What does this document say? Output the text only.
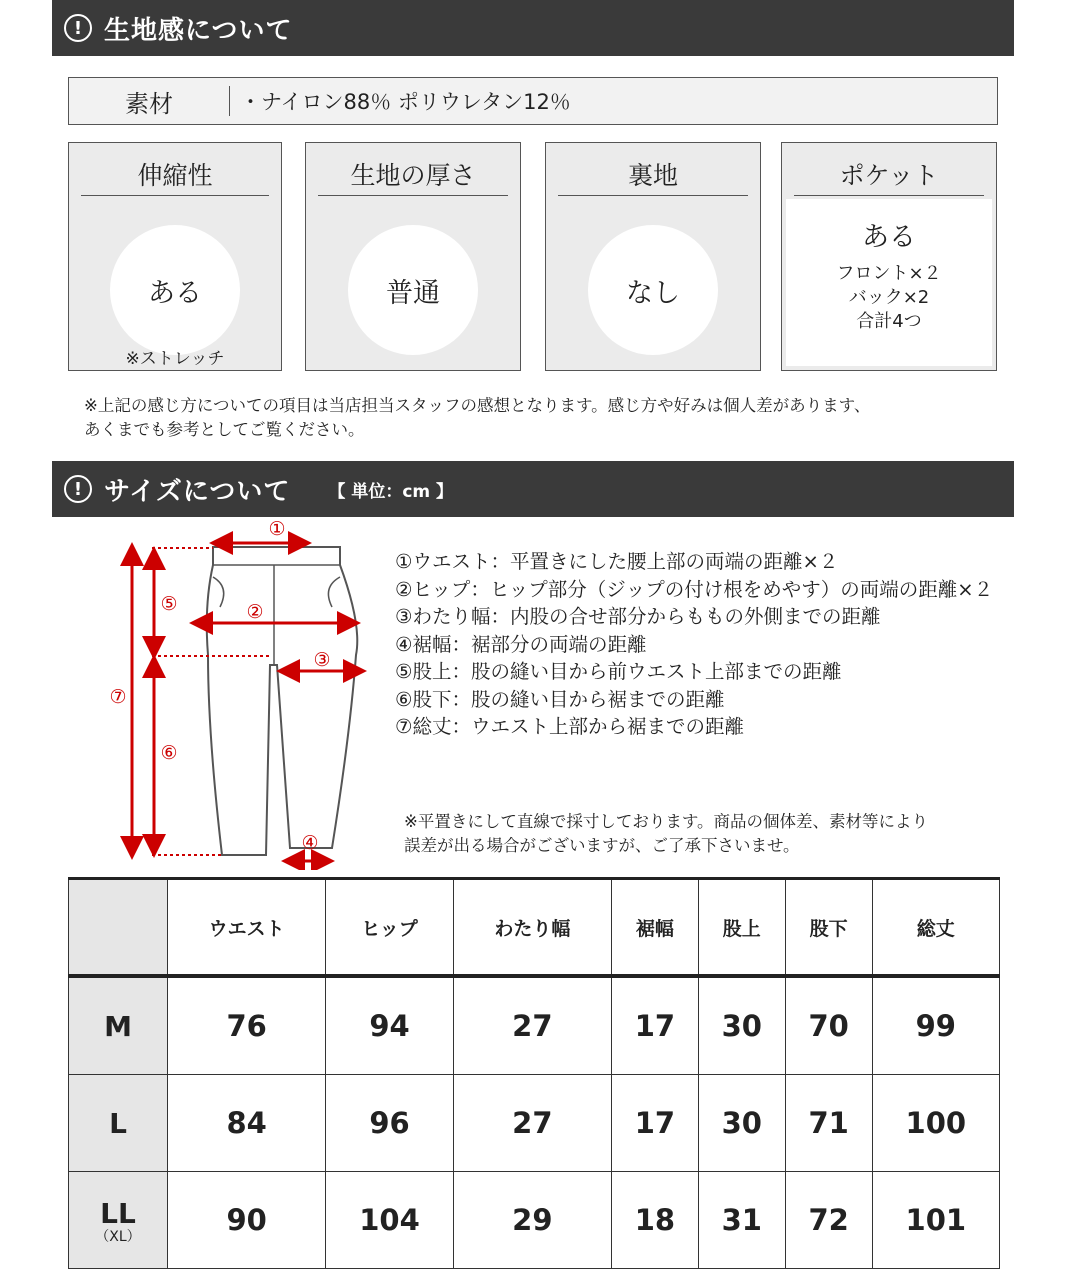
! 生地感について
素材	・ナイロン88％ ポリウレタン12％
伸縮性
ある
※ストレッチ
生地の厚さ
普通
裏地
なし
ポケット
ある
フロント×２
バック×2
合計4つ
※上記の感じ方についての項目は当店担当スタッフの感想となります。感じ方や好みは個人差があります、
あくまでも参考としてご覧ください。
! サイズについて 【 単位：cm 】
①
②
③
④
⑤
⑥
⑦
①ウエスト：平置きにした腰上部の両端の距離×２
②ヒップ：ヒップ部分（ジップの付け根をめやす）の両端の距離×２
③わたり幅：内股の合せ部分からももの外側までの距離
④裾幅：裾部分の両端の距離
⑤股上：股の縫い目から前ウエスト上部までの距離
⑥股下：股の縫い目から裾までの距離
⑦総丈：ウエスト上部から裾までの距離
※平置きにして直線で採寸しております。商品の個体差、素材等により
誤差が出る場合がございますが、ご了承下さいませ。
	ウエスト	ヒップ	わたり幅	裾幅	股上	股下	総丈
M	76	94	27	17	30	70	99
L	84	96	27	17	30	71	100
LL
（XL）	90	104	29	18	31	72	101
